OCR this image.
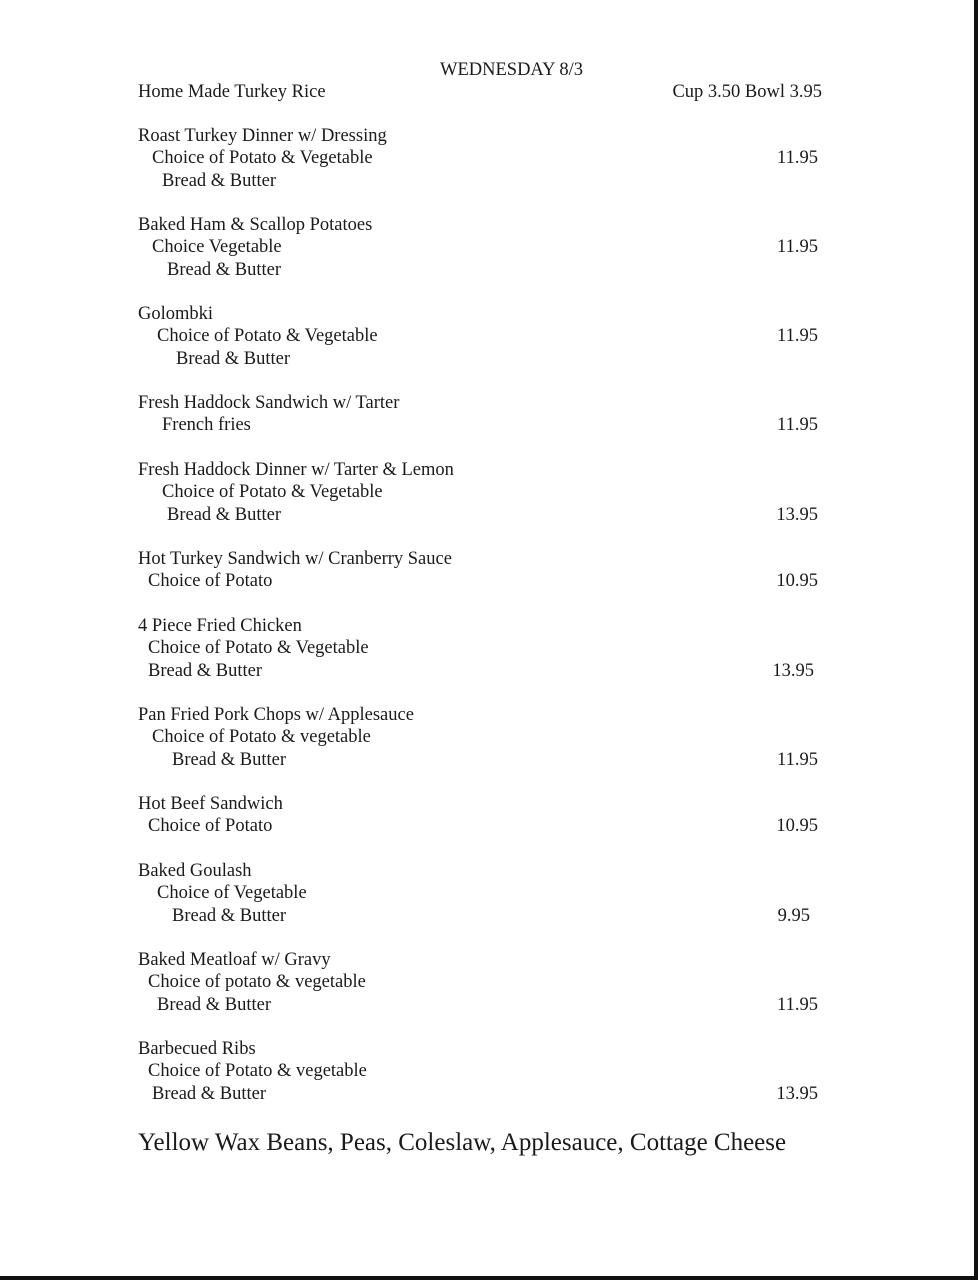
WEDNESDAY 8/3
Home Made Turkey Rice	Cup 3.50 Bowl 3.95
Roast Turkey Dinner w/ Dressing
Choice of Potato & Vegetable
Bread & Butter
11.95
Baked Ham & Scallop Potatoes
Choice Vegetable
Bread & Butter
11.95
Golombki
Choice of Potato & Vegetable
Bread & Butter
11.95
Fresh Haddock Sandwich w/ Tarter
French fries	11.95
Fresh Haddock Dinner w/ Tarter & Lemon
Choice of Potato & Vegetable
Bread & Butter	13.95
Hot Turkey Sandwich w/ Cranberry Sauce
Choice of Potato	10.95
4 Piece Fried Chicken
Choice of Potato & Vegetable
Bread & Butter	13.95
Pan Fried Pork Chops w/ Applesauce
Choice of Potato & vegetable
Bread & Butter	11.95
Hot Beef Sandwich
Choice of Potato	10.95
Baked Goulash
Choice of Vegetable
Bread & Butter	9.95
Baked Meatloaf w/ Gravy
Choice of potato & vegetable
Bread & Butter	11.95
Barbecued Ribs
Choice of Potato & vegetable
Bread & Butter	13.95
Yellow Wax Beans, Peas, Coleslaw, Applesauce, Cottage Cheese
